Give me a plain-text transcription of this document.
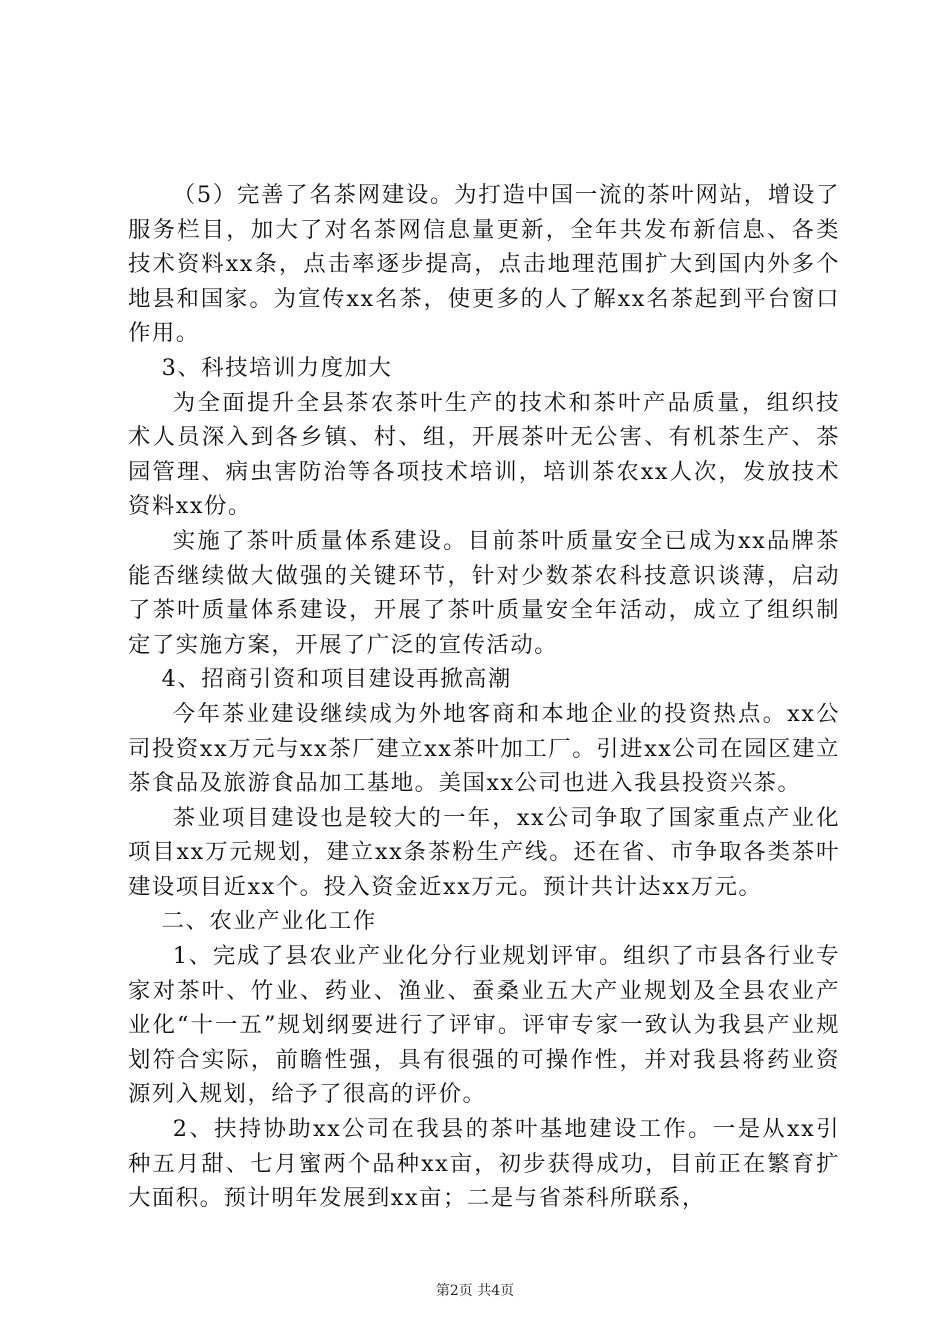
（5）完善了名茶网建设。为打造中国一流的茶叶网站，增设了服务栏目，加大了对名茶网信息量更新，全年共发布新信息、各类技术资料xx条，点击率逐步提高，点击地理范围扩大到国内外多个地县和国家。为宣传xx名茶，使更多的人了解xx名茶起到平台窗口作用。

3、科技培训力度加大

为全面提升全县茶农茶叶生产的技术和茶叶产品质量，组织技术人员深入到各乡镇、村、组，开展茶叶无公害、有机茶生产、茶园管理、病虫害防治等各项技术培训，培训茶农xx人次，发放技术资料xx份。

实施了茶叶质量体系建设。目前茶叶质量安全已成为xx品牌茶能否继续做大做强的关键环节，针对少数茶农科技意识谈薄，启动了茶叶质量体系建设，开展了茶叶质量安全年活动，成立了组织制定了实施方案，开展了广泛的宣传活动。

4、招商引资和项目建设再掀高潮

今年茶业建设继续成为外地客商和本地企业的投资热点。xx公司投资xx万元与xx茶厂建立xx茶叶加工厂。引进xx公司在园区建立茶食品及旅游食品加工基地。美国xx公司也进入我县投资兴茶。

茶业项目建设也是较大的一年，xx公司争取了国家重点产业化项目xx万元规划，建立xx条茶粉生产线。还在省、市争取各类茶叶建设项目近xx个。投入资金近xx万元。预计共计达xx万元。

二、农业产业化工作

1、完成了县农业产业化分行业规划评审。组织了市县各行业专家对茶叶、竹业、药业、渔业、蚕桑业五大产业规划及全县农业产业化“十一五”规划纲要进行了评审。评审专家一致认为我县产业规划符合实际，前瞻性强，具有很强的可操作性，并对我县将药业资源列入规划，给予了很高的评价。

2、扶持协助xx公司在我县的茶叶基地建设工作。一是从xx引种五月甜、七月蜜两个品种xx亩，初步获得成功，目前正在繁育扩大面积。预计明年发展到xx亩；二是与省茶科所联系，

第2页 共4页
